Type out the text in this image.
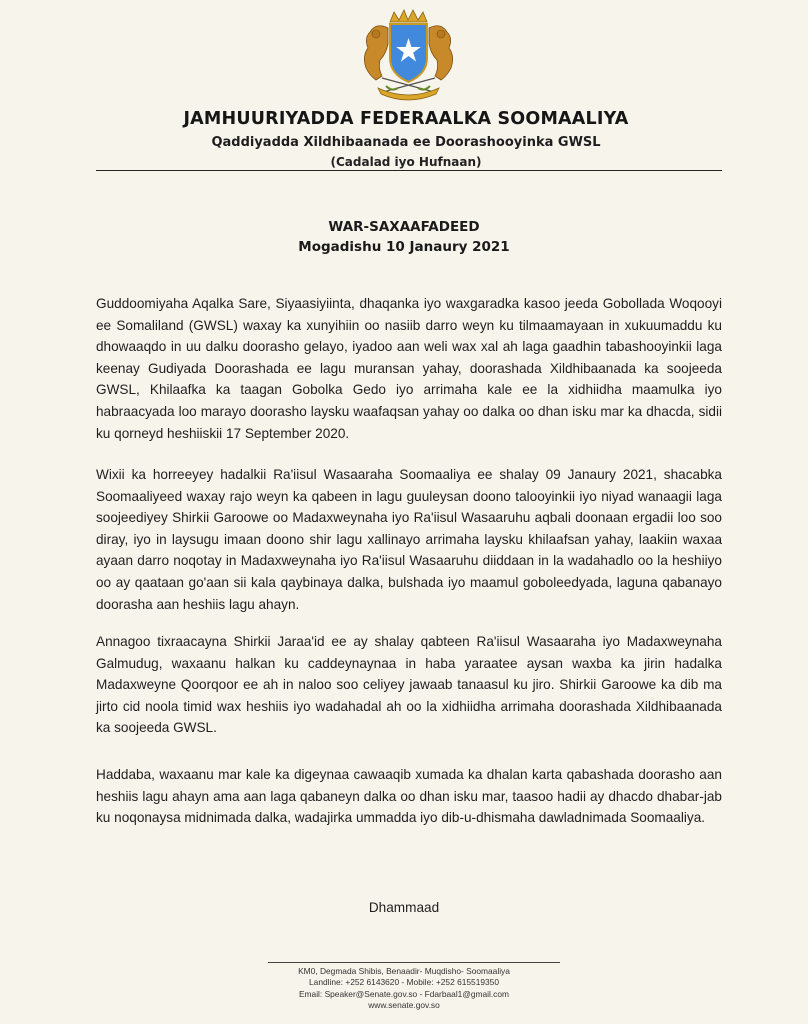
JAMHUURIYADDA FEDERAALKA SOOMAALIYA
Qaddiyadda Xildhibaanada ee Doorashooyinka GWSL
(Cadalad iyo Hufnaan)
WAR-SAXAAFADEED
Mogadishu 10 Janaury 2021

Guddoomiyaha Aqalka Sare, Siyaasiyiinta, dhaqanka iyo waxgaradka kasoo jeeda Gobollada Woqooyi ee Somaliland (GWSL) waxay ka xunyihiin oo nasiib darro weyn ku tilmaamayaan in xukuumaddu ku dhowaaqdo in uu dalku doorasho gelayo, iyadoo aan weli wax xal ah laga gaadhin tabashooyinkii laga keenay Gudiyada Doorashada ee lagu muransan yahay, doorashada Xildhibaanada ka soojeeda GWSL, Khilaafka ka taagan Gobolka Gedo iyo arrimaha kale ee la xidhiidha maamulka iyo habraacyada loo marayo doorasho laysku waafaqsan yahay oo dalka oo dhan isku mar ka dhacda, sidii ku qorneyd heshiiskii 17 September 2020.

Wixii ka horreeyey hadalkii Ra'iisul Wasaaraha Soomaaliya ee shalay 09 Janaury 2021, shacabka Soomaaliyeed waxay rajo weyn ka qabeen in lagu guuleysan doono talooyinkii iyo niyad wanaagii laga soojeediyey Shirkii Garoowe oo Madaxweynaha iyo Ra'iisul Wasaaruhu aqbali doonaan ergadii loo soo diray, iyo in laysugu imaan doono shir lagu xallinayo arrimaha laysku khilaafsan yahay, laakiin waxaa ayaan darro noqotay in Madaxweynaha iyo Ra'iisul Wasaaruhu diiddaan in la wadahadlo oo la heshiiyo oo ay qaataan go'aan sii kala qaybinaya dalka, bulshada iyo maamul goboleedyada, laguna qabanayo doorasha aan heshiis lagu ahayn.

Annagoo tixraacayna Shirkii Jaraa'id ee ay shalay qabteen Ra'iisul Wasaaraha iyo Madaxweynaha Galmudug, waxaanu halkan ku caddeynaynaa in haba yaraatee aysan waxba ka jirin hadalka Madaxweyne Qoorqoor ee ah in naloo soo celiyey jawaab tanaasul ku jiro. Shirkii Garoowe ka dib ma jirto cid noola timid wax heshiis iyo wadahadal ah oo la xidhiidha arrimaha doorashada Xildhibaanada ka soojeeda GWSL.

Haddaba, waxaanu mar kale ka digeynaa cawaaqib xumada ka dhalan karta qabashada doorasho aan heshiis lagu ahayn ama aan laga qabaneyn dalka oo dhan isku mar, taasoo hadii ay dhacdo dhabar-jab ku noqonaysa midnimada dalka, wadajirka ummadda iyo dib-u-dhismaha dawladnimada Soomaaliya.

Dhammaad
KM0, Degmada Shibis, Benaadir- Muqdisho- Soomaaliya
Landline: +252 6143620 - Mobile: +252 615519350
Email: Speaker@Senate.gov.so - Fdarbaal1@gmail.com
www.senate.gov.so
